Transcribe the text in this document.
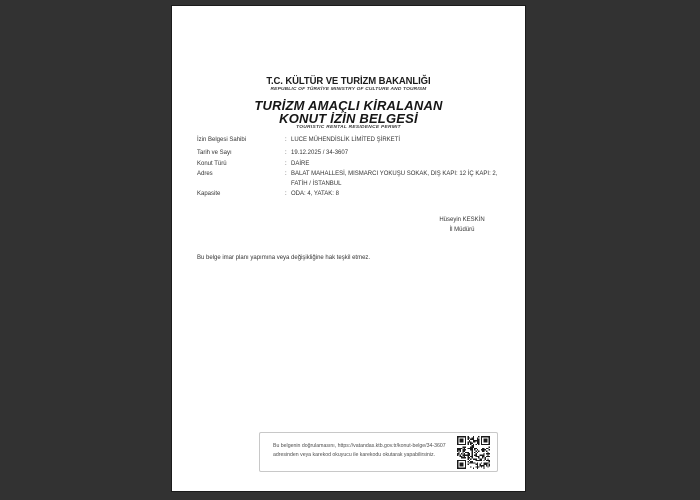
T.C. KÜLTÜR VE TURİZM BAKANLIĞI
REPUBLIC OF TÜRKİYE MINISTRY OF CULTURE AND TOURISM
TURİZM AMAÇLI KİRALANAN
KONUT İZİN BELGESİ
TOURISTIC RENTAL RESIDENCE PERMIT
İzin Belgesi Sahibi	: LUCE MÜHENDİSLİK LİMİTED ŞİRKETİ
Tarih ve Sayı	: 19.12.2025 / 34-3607
Konut Türü	: DAİRE
Adres	: BALAT MAHALLESİ, MISMARCI YOKUŞU SOKAK, DIŞ KAPI: 12 İÇ KAPI: 2, FATİH / İSTANBUL
Kapasite	: ODA: 4, YATAK: 8
Hüseyin KESKİN
İl Müdürü
Bu belge imar planı yapımına veya değişikliğine hak teşkil etmez.
Bu belgenin doğrulamasını, https://vatandas.ktb.gov.tr/konut-belge/34-3607
adresinden veya karekod okuyucu ile karekodu okutarak yapabilirsiniz.
